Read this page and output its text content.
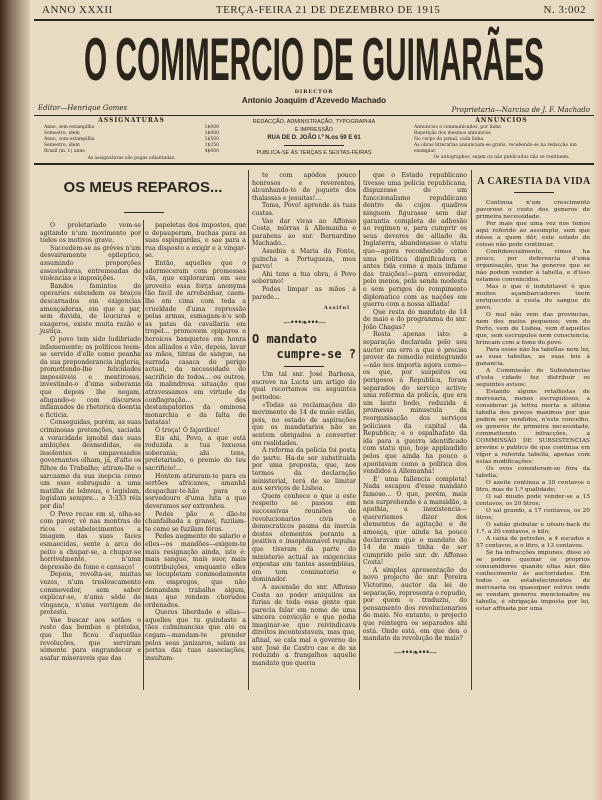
ANNO XXXII	TERÇA-FEIRA 21 DE DEZEMBRO DE 1915	N. 3:002
O COMMERCIO DE GUIMARÃES
DIRECTOR
Antonio Joaquim d'Azevedo Machado
Editor—Henrique Gomes	Proprietaria—Narcisa de J. F. Machado
ASSIGNATURAS
Anno, sem estampilha	1$000
Semestre, idem	1$000
Anno, com estampilha	1$500
Semestre, idem	1$250
Brazil (m. f.) anno	4$000
As assignaturas são pagas adiantadas.
REDACÇÃO, ADMINISTRAÇÃO, TYPOGRAPHIA
E IMPRESSÃO
RUA DE D. JOÃO I.º N.os 59 E 61
PUBLICA-SE ÁS TERÇAS E SEXTAS-FEIRAS
ANNUNCIOS
Annuncios e communicados, por linha
Repetição dos mesmos annuncios
No corpo do jornal, cada linha
As obras litterarias annunciam-se gratis, recebendo-se na redacção um exemplar.
Os autographos, sejam ou não publicados não se restituem.
OS MEUS REPAROS...

O proletariado vem-se agitando n'um movimento por todos os motivos grave.

Succedem-se as gréves n'um desvairamento epileptico, assumindo proporções assustadoras, entremeadas de violencias e imposições.

Bandos famintos de operarios estendem os braços descarnados em exigencias ameaçadoras, em que a par, sem duvida, de loucuras e exageros, existe muita razão e justiça.

O povo tem sido ludibriado infamemente; os politicos teem-se servido d'elle como peanha da sua preponderancia ingloria, promettendo-lhe felicidades impossiveis e mentirosas, investindo-o d'uma soberania que depois lhe negam, afagando-o com discursos inflamados de rhetorica doentia e ficticia.

Conseguidas, porém, as suas criminosas pretenções, saciada a voracidade ignobil das suas ambições desmedidas, os insolentes e empavesados governantes olham, já, d'alto os filhos do Trabalho; atiram-lhe o sarcasmo da sua inepcia como um osso esbrugado a uma matilha de lebreus, e legislam, legislam sempre... a 3:333 réis por dia!

O Povo recae em si, olha-se com pavor, vê nas montras de ricos estabelecimentos a imagem das suas faces esmaecidas, sente a arca do peito a chupar-se, a chupar-se horrivelmente, n'uma depressão de fome e cansaço!

Depois, revolta-se, muitas vezes, n'um tresloucamento commovedor, sem saber explicar-se, n'uma sêde de vingança, n'uma vertigem de protesto.

Vae buscar aos sotãos o resto das bombas e pistolas, que lhe ficou d'aquellas revoluções, que serviram sómente para engrandecer e asafar miseraveis que das

papeletas dos impostos, que o depauperam, buchas para as suas espingardas, e sae para a rua disposto a exigir e a vingar-se.

Então, aquelles que o adormeceram com promessas vãs, que exploraram em seu proveito essa força anonyma tão facil de arrebanhar, caem-lhe em cima com toda a crueldade d'uma repressão pelas armas, esmagam-n'o sob as patas da cavallaria em tropel... promovem opiparos e heroicos banquetes em honra dos alliados e vão, depois, lavar as mãos, tintas de sangue, na surrada casaca do perigo actual, da necessidade do sacrificio de todos... ou outros, da malindrosa situação que atravessamos em virtude da conflagração... dos destampatorios da ominosa monarchia e da falta de batatas!

Ó troça! Ó fajardice!

Eis ahi, Povo, a que está reduzida a tua luxuosa soberania; ahi tens, proletariado, o premio do teu sacrificio!...

Hontem atiraram-te para os sertões africanos, amanhã despachar-te-hão para o sorvedouro d'uma luta a que deveramos ser extranhos.

Pedes pão e dão-te chanfalhada a granel, fuzilam-te como se fuzilam féras.

Pedes augmento de salario e elles—os mandões—exigem-te mais resignação ainda, isto é: mais sangue, mais suor, mais contribuições, emquanto elles se locupletam commodamente em empregos, que não demandam trabalho algum, mas que rendem chorudos ordenados.

Queres liberdade e ellas—aquelles que tu guindaste a tães culminancias que até os cegam—mandam-te prender pelos seus janizaros, selam as portas das tuas associações, insultam-

te com apódos pouco honrosos e reverentes, alcunhando-te de joguete dos thalassas e jesuitas!...

Toma, Povo! aprende ás tuas custas.

Vae dar vivas ao Affonso Costa, môrras á Allemanha e parabens ao snr. Bernardino Machado...

Assobia a Maria da Fonte, guincha a Portugueza, meu parvo!

Ahi tens a tua obra, ó Povo soberano!

Podes limpar as mãos á parede...

Assiful
—•••❧•••—
O mandato
cumpre-se ?

Um tal snr. José Barbosa, escreve na Lucta um artigo do qual recortamos os seguintes periodos:

«Todas as reclamações do movimento de 14 de maio estão, pois, no estado de aspirações que os mandatarios não se sentem obrigados a converter em realidades.

A reforma da policia foi posta de parte. Ha-de ser substituida por uma proposta, que, nos termos da declaração ministerial, terá de se limitar aos serviços de Lisboa.

Quem conhece o que a este respeito se passou em successivas reuniões de revolucionarios civis e democraticos pasma da inercia destes elementos perante a positiva e insophismavel repulsa que tiveram da parte do ministerio actual as exigencias expostas em tantas assembléas, em tom cominatorio e dominador.

A ascensão do snr. Affonso Costa ao poder aniquilou as furias de toda essa gente que parecia falar em nome de uma sincera convicção e que podia imaginar-se que reivindicava direitos incontestaveis, mas que, afinal, se cala mal o governo do snr. José de Castro cae e de xa reduzido a frangalhos aquelle mandato que queria

que o Estado republicano tivesse uma policia republicana, dispuzesse de um funccionalismo republicano dentro de cujos quadros ninguem figurasse sem dar garantia completa de adhesão ao regimen e, para cumprir os seus deveres de alliado da Inglaterra, abandonasse o statu quo—agora reconhecido como uma politica dignificadora e antes tida como a mais infame das traições!—para enveredar, pelo menos, pela senda modesta e sem perigos do rompimento diplomatico com as nações em guerra com a nossa alliada!

Que resta do mandato de 14 de maio e do programma do snr. João Chagas?

Resta apenas isto: a separação declarada pelo seu auctor um erro a que é preciso prover de remedio reintegrando—não nos importa agora como—os que, por suspeitos ou perigosos á Republica, foram separados do serviço activo; uma reforma da policia, que era um lauto bodo, reduzida á promessa minuscula da reorganisação dos serviços policiaes da capital da Republica; e o espalhafato da ida para a guerra identificado com statu quo, hoje applaudido pelos que ainda ha pouco o apontavam como a politica dos vendidos á Allemanha!

E' uma fallencia completa! Nada escapou d'esse mandato famoso... O que, porém, mais nos surprehende é a mansidão, a apathia, a inexistencia—quereriamos dizer dos elementos de agitação e de ameaça, que ainda ha pouco declaravam que o mandato do 14 de maio tinha de ser cumprido pelo snr. dr. Affonso Costa!

A simples apresentação do novo projecto do snr. Pereira Victorino, auctor da lei de separação, representa o repudio, por quem o traduziu, do pensamento dos revolucionarios de maio. No entanto, o projecto que reintegra os separados ahi está. Onde está, em que deu o mandato da revolução de maio?

—•••❧•••—
A CARESTIA DA VIDA

Continua n'um crescimento pavoroso o custo dos generos de primeira necessidade.

Por mais que uma vez nos temos aqui referido ao assumpto, sem que désse a quem dêr, este estado de coisas não pode continuar.

Confidencialmente, vimos ha pouco, por deferencia d'uma organisação, que ha generos que se não podem vender á tabella, e d'isso estamos convencidos.

Mas o que é indubitavel é que muitos açambarcadores teem enriquecido á custa do sangue do povo.

O mal não vem das provincias, nem dos meios pequenos; vem do Porto, vem de Lisboa, vem d'aquelles que, sem escrupulos nem consciencia, brincam com a fome do povo.

Para esses não ha tabellas nem lei; as suas tabellas, as suas leis á ganancia.

A Commissão de Subsistencias d'esta cidade fez distribuir os seguintes avisos:

Estando alguns retalhistas de mercearia, menos escrupulosos, a considerar já lettra morta a ultima tabella dos preços maximos por que podem ser vendidos, n'este concelho, os generos de primeira necessidade, commettendo infracções, a COMMISSÃO DE SUBSISTENCIAS previne o publico de que continua em vigor a referida tabella, apenas com estas modificações:

Os ovos consideram-se fóra da tabella;

O azeite continua a 30 centavos o litro, mas de 1.ª qualidade;

O sal miudo pode vender-se a 15 centavos, os 20 litros;

O sal grando, a 17 centavos, os 20 litros;

O sabão globular e ofsain-back de 1.ª, a 20 centavos, o kilo;

A caixa de petroleo, a 4 escudos e 57 centavos, e o litro, a 13 centavos.

Se ha infracções impunes, disso só se podem queixar os proprios consumidores quando ellas não dão conhecimento ás auctoridades. Em todos os estabelecimentos de mercearia ou quaesquer outros onde se vendam generos mencionados na tabella, é obrigação imposta por lei, estar affixada por uma
